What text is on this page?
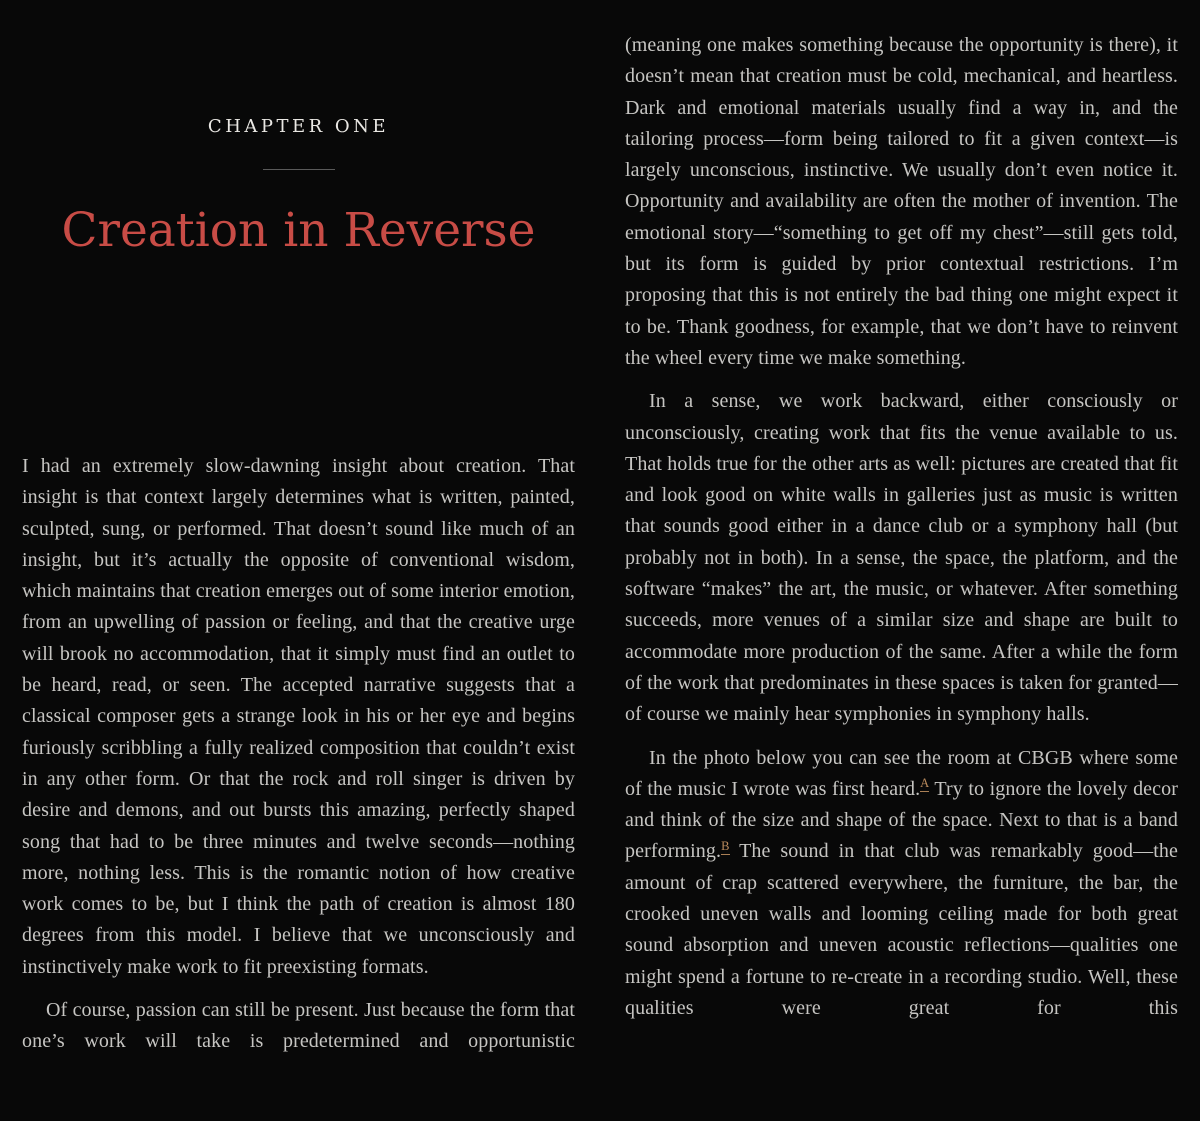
CHAPTER ONE
Creation in Reverse

I had an extremely slow-dawning insight about creation. That insight is that context largely determines what is written, painted, sculpted, sung, or performed. That doesn’t sound like much of an insight, but it’s actually the opposite of conventional wisdom, which maintains that creation emerges out of some interior emotion, from an upwelling of passion or feeling, and that the creative urge will brook no accommodation, that it simply must find an outlet to be heard, read, or seen. The accepted narrative suggests that a classical composer gets a strange look in his or her eye and begins furiously scribbling a fully realized composition that couldn’t exist in any other form. Or that the rock and roll singer is driven by desire and demons, and out bursts this amazing, perfectly shaped song that had to be three minutes and twelve seconds—nothing more, nothing less. This is the romantic notion of how creative work comes to be, but I think the path of creation is almost 180 degrees from this model. I believe that we unconsciously and instinctively make work to fit preexisting formats.

Of course, passion can still be present. Just because the form that one’s work will take is predetermined and opportunistic

(meaning one makes something because the opportunity is there), it doesn’t mean that creation must be cold, mechanical, and heartless. Dark and emotional materials usually find a way in, and the tailoring process—form being tailored to fit a given context—is largely unconscious, instinctive. We usually don’t even notice it. Opportunity and availability are often the mother of invention. The emotional story—“something to get off my chest”—still gets told, but its form is guided by prior contextual restrictions. I’m proposing that this is not entirely the bad thing one might expect it to be. Thank goodness, for example, that we don’t have to reinvent the wheel every time we make something.

In a sense, we work backward, either consciously or unconsciously, creating work that fits the venue available to us. That holds true for the other arts as well: pictures are created that fit and look good on white walls in galleries just as music is written that sounds good either in a dance club or a symphony hall (but probably not in both). In a sense, the space, the platform, and the software “makes” the art, the music, or whatever. After something succeeds, more venues of a similar size and shape are built to accommodate more production of the same. After a while the form of the work that predominates in these spaces is taken for granted—of course we mainly hear symphonies in symphony halls.

In the photo below you can see the room at CBGB where some of the music I wrote was first heard.$^A$ Try to ignore the lovely decor and think of the size and shape of the space. Next to that is a band performing.$^B$ The sound in that club was remarkably good—the amount of crap scattered everywhere, the furniture, the bar, the crooked uneven walls and looming ceiling made for both great sound absorption and uneven acoustic reflections—qualities one might spend a fortune to re-create in a recording studio. Well, these qualities were great for this
